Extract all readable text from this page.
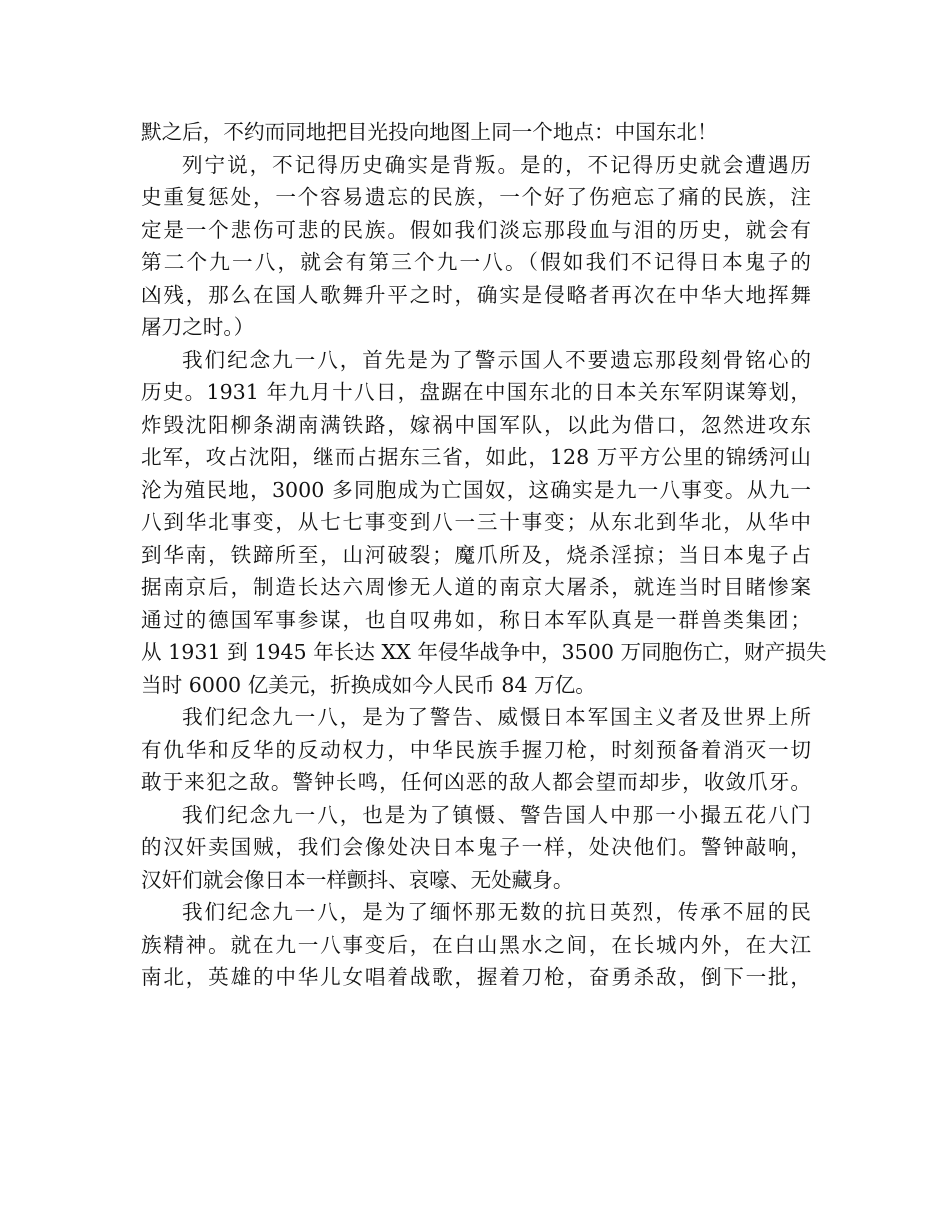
默之后，不约而同地把目光投向地图上同一个地点：中国东北！
列宁说，不记得历史确实是背叛。是的，不记得历史就会遭遇历
史重复惩处，一个容易遗忘的民族，一个好了伤疤忘了痛的民族，注
定是一个悲伤可悲的民族。假如我们淡忘那段血与泪的历史，就会有
第二个九一八，就会有第三个九一八。（假如我们不记得日本鬼子的
凶残，那么在国人歌舞升平之时，确实是侵略者再次在中华大地挥舞
屠刀之时。）
我们纪念九一八，首先是为了警示国人不要遗忘那段刻骨铭心的
历史。1931 年九月十八日，盘踞在中国东北的日本关东军阴谋筹划，
炸毁沈阳柳条湖南满铁路，嫁祸中国军队，以此为借口，忽然进攻东
北军，攻占沈阳，继而占据东三省，如此，128 万平方公里的锦绣河山
沦为殖民地，3000 多同胞成为亡国奴，这确实是九一八事变。从九一
八到华北事变，从七七事变到八一三十事变；从东北到华北，从华中
到华南，铁蹄所至，山河破裂；魔爪所及，烧杀淫掠；当日本鬼子占
据南京后，制造长达六周惨无人道的南京大屠杀，就连当时目睹惨案
通过的德国军事参谋，也自叹弗如，称日本军队真是一群兽类集团；
从 1931 到 1945 年长达 XX 年侵华战争中，3500 万同胞伤亡，财产损失
当时 6000 亿美元，折换成如今人民币 84 万亿。
我们纪念九一八，是为了警告、威慑日本军国主义者及世界上所
有仇华和反华的反动权力，中华民族手握刀枪，时刻预备着消灭一切
敢于来犯之敌。警钟长鸣，任何凶恶的敌人都会望而却步，收敛爪牙。
我们纪念九一八，也是为了镇慑、警告国人中那一小撮五花八门
的汉奸卖国贼，我们会像处决日本鬼子一样，处决他们。警钟敲响，
汉奸们就会像日本一样颤抖、哀嚎、无处藏身。
我们纪念九一八，是为了缅怀那无数的抗日英烈，传承不屈的民
族精神。就在九一八事变后，在白山黑水之间，在长城内外，在大江
南北，英雄的中华儿女唱着战歌，握着刀枪，奋勇杀敌，倒下一批，
